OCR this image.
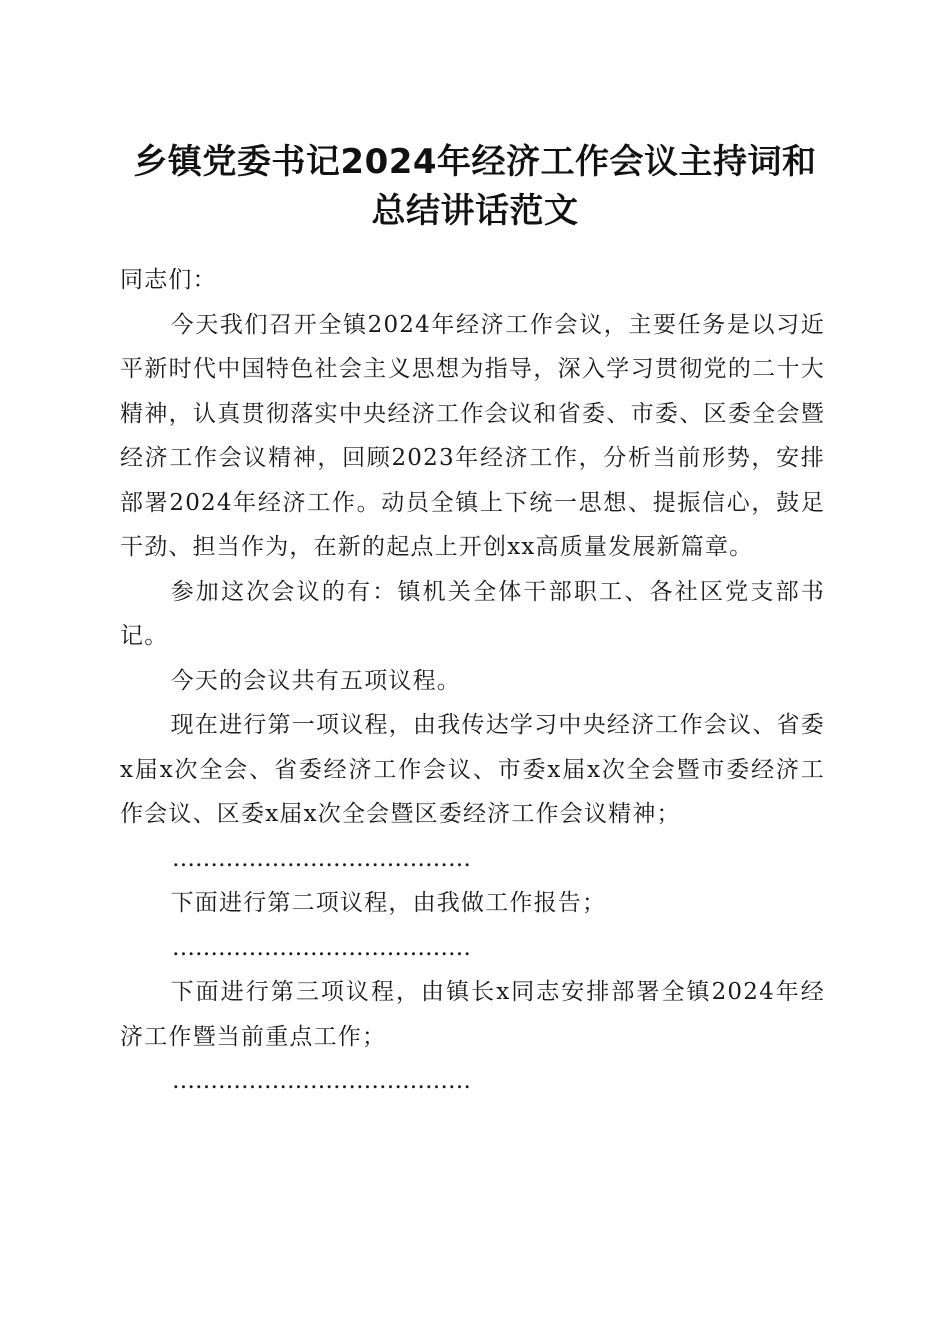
乡镇党委书记2024年经济工作会议主持词和
总结讲话范文

同志们：

今天我们召开全镇2024年经济工作会议，主要任务是以习近平新时代中国特色社会主义思想为指导，深入学习贯彻党的二十大精神，认真贯彻落实中央经济工作会议和省委、市委、区委全会暨经济工作会议精神，回顾2023年经济工作，分析当前形势，安排部署2024年经济工作。动员全镇上下统一思想、提振信心，鼓足干劲、担当作为，在新的起点上开创xx高质量发展新篇章。

参加这次会议的有：镇机关全体干部职工、各社区党支部书记。

今天的会议共有五项议程。

现在进行第一项议程，由我传达学习中央经济工作会议、省委x届x次全会、省委经济工作会议、市委x届x次全会暨市委经济工作会议、区委x届x次全会暨区委经济工作会议精神；

…………………………………

下面进行第二项议程，由我做工作报告；

…………………………………

下面进行第三项议程，由镇长x同志安排部署全镇2024年经济工作暨当前重点工作；

…………………………………
